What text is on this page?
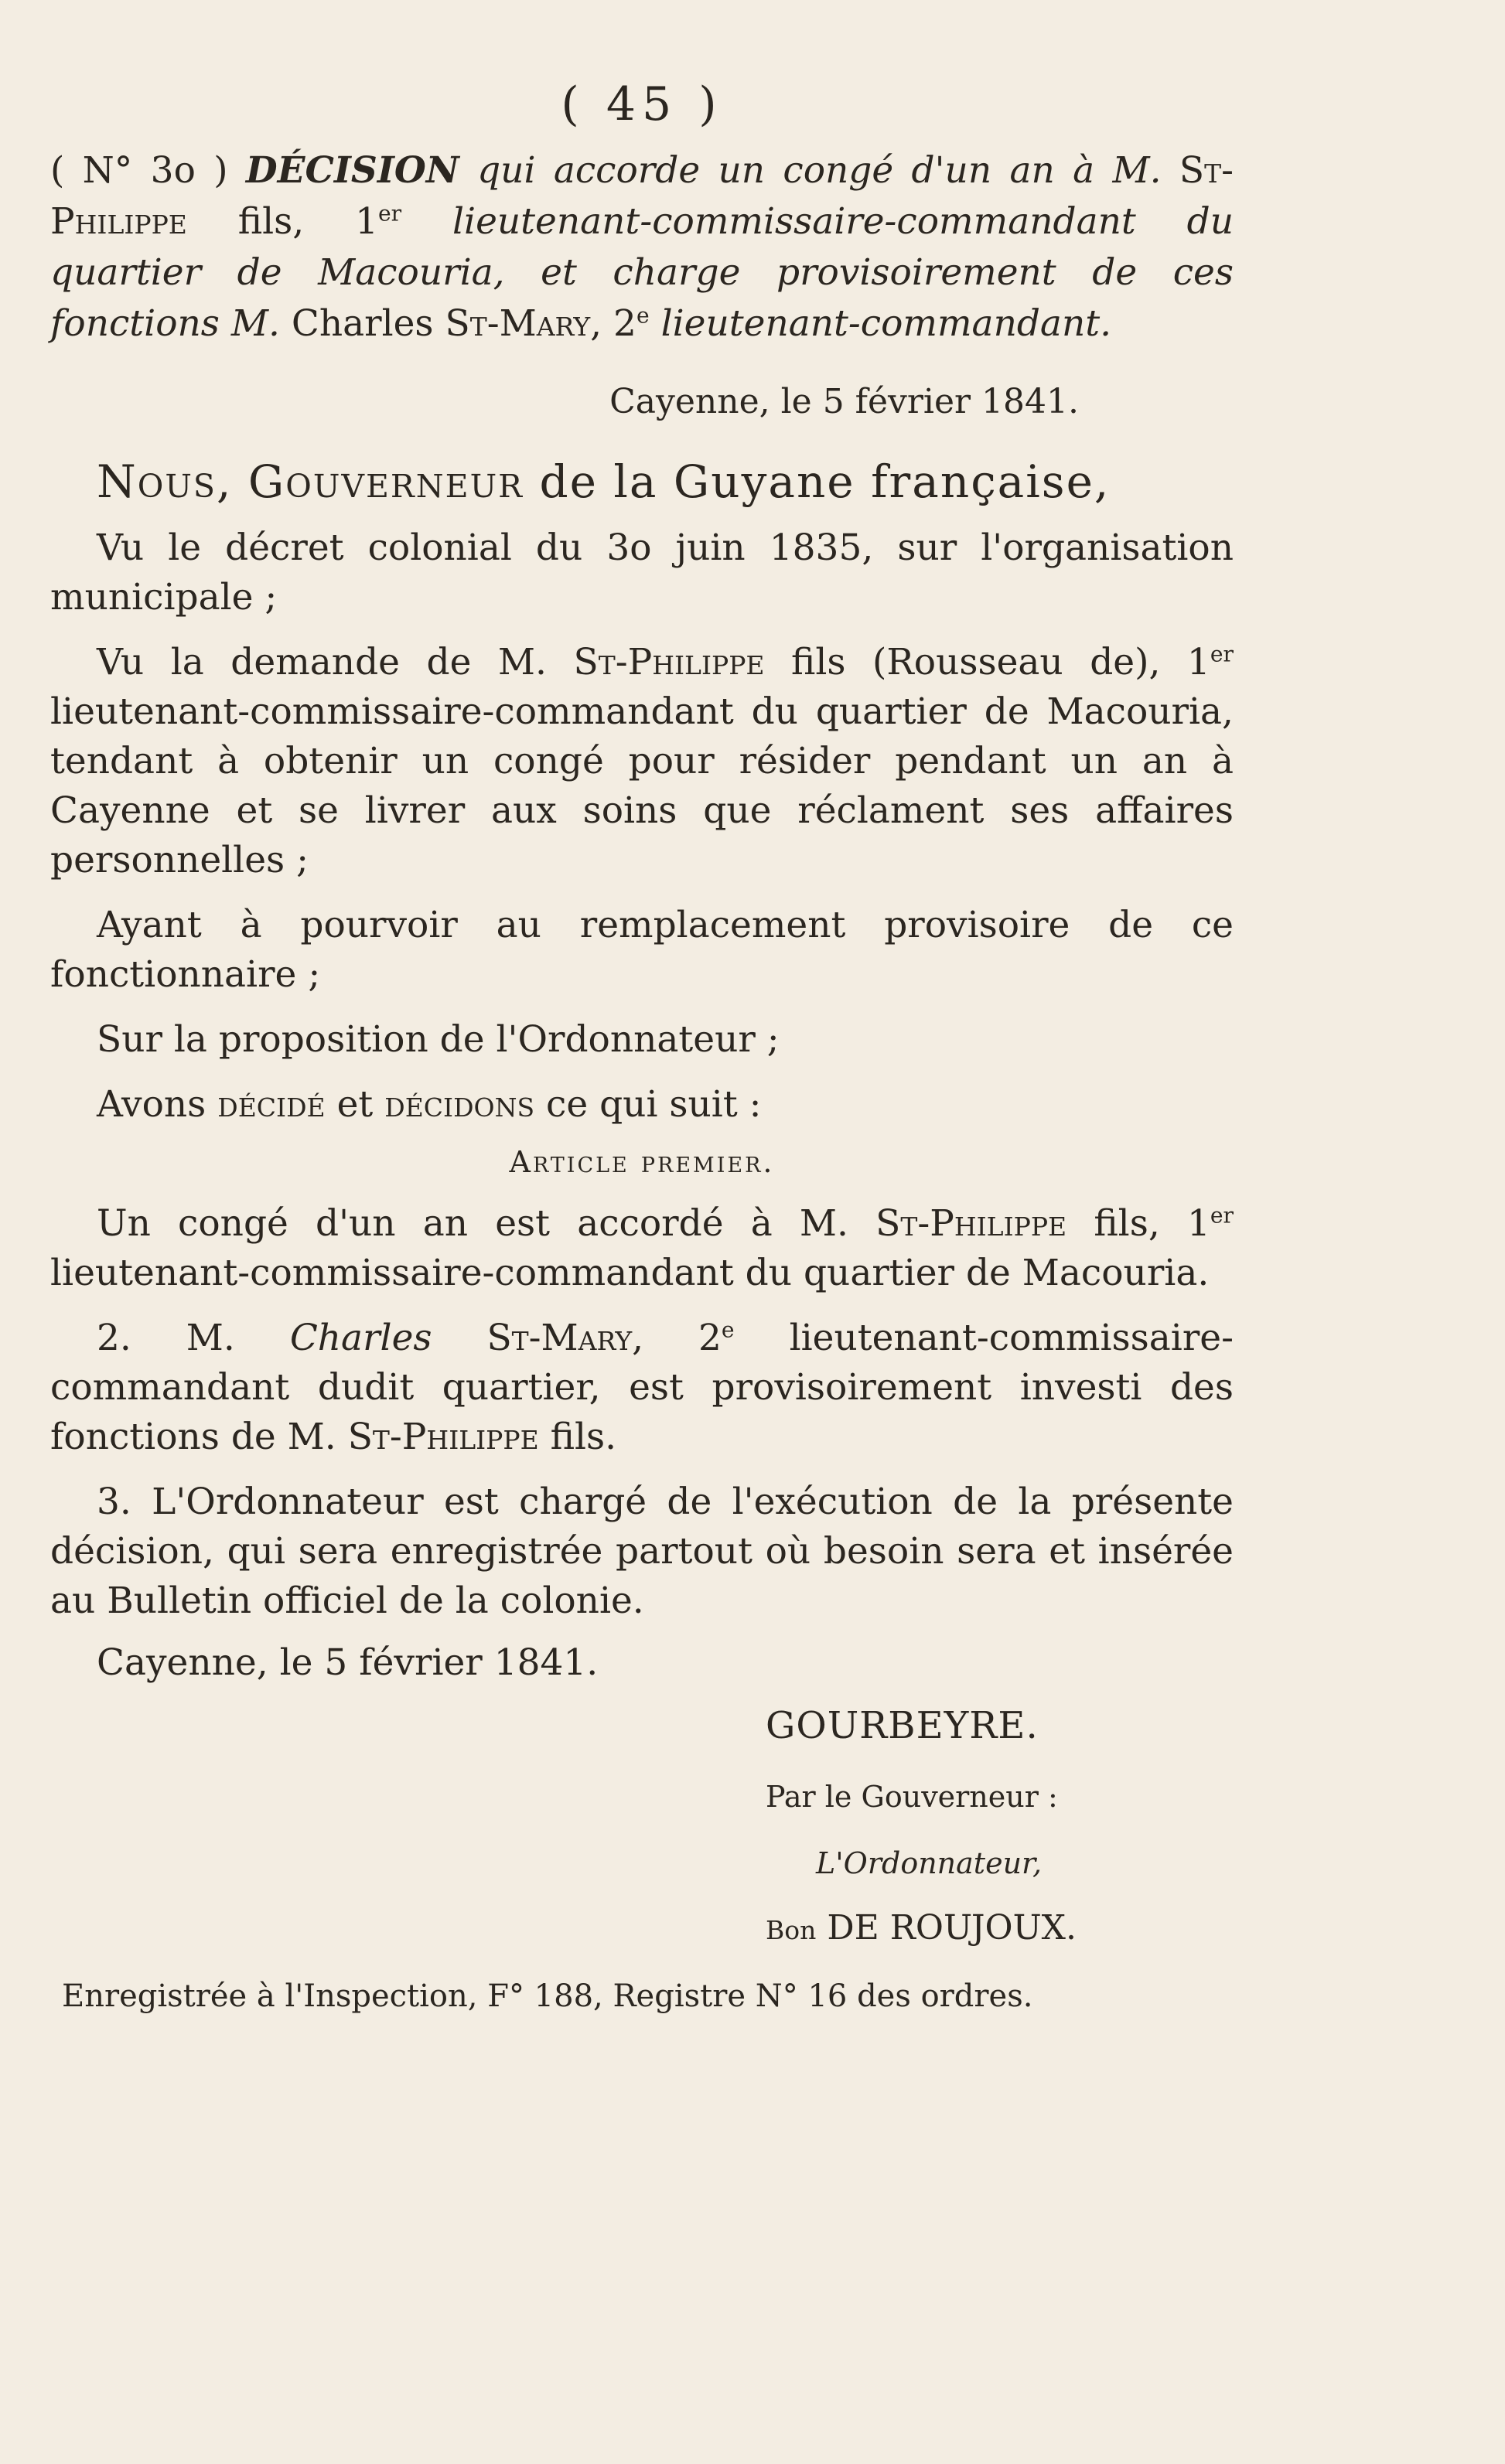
( 45 )

( N° 3o ) DÉCISION qui accorde un congé d'un an à M. St-Philippe fils, 1er lieutenant-commissaire-commandant du quartier de Macouria, et charge provisoirement de ces fonctions M. Charles St-Mary, 2e lieutenant-commandant.

Cayenne, le 5 février 1841.
Nous, Gouverneur de la Guyane française,

Vu le décret colonial du 3o juin 1835, sur l'organisation municipale ;

Vu la demande de M. St-Philippe fils (Rousseau de), 1er lieutenant-commissaire-commandant du quartier de Macouria, tendant à obtenir un congé pour résider pendant un an à Cayenne et se livrer aux soins que réclament ses affaires personnelles ;

Ayant à pourvoir au remplacement provisoire de ce fonctionnaire ;

Sur la proposition de l'Ordonnateur ;

Avons décidé et décidons ce qui suit :

Article premier.

Un congé d'un an est accordé à M. St-Philippe fils, 1er lieutenant-commissaire-commandant du quartier de Macouria.

2. M. Charles St-Mary, 2e lieutenant-commissaire-commandant dudit quartier, est provisoirement investi des fonctions de M. St-Philippe fils.

3. L'Ordonnateur est chargé de l'exécution de la présente décision, qui sera enregistrée partout où besoin sera et insérée au Bulletin officiel de la colonie.

Cayenne, le 5 février 1841.
GOURBEYRE.
Par le Gouverneur :
L'Ordonnateur,
Bon DE ROUJOUX.
Enregistrée à l'Inspection, F° 188, Registre N° 16 des ordres.
